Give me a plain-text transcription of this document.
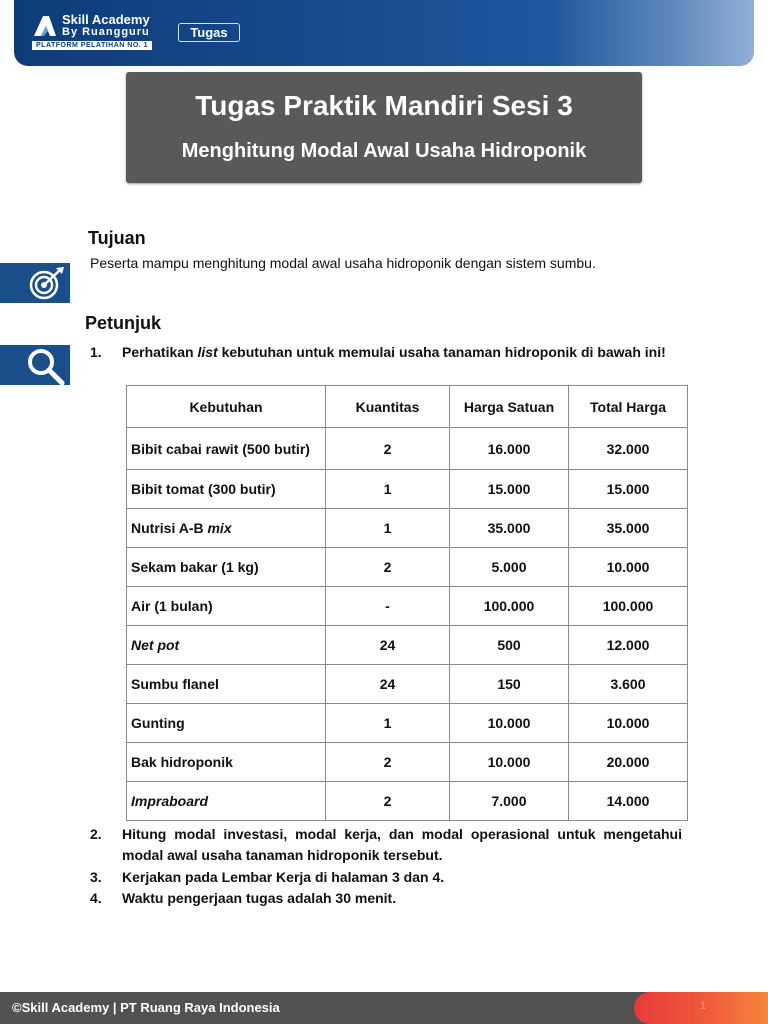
Skill Academy
By Ruangguru
PLATFORM PELATIHAN NO. 1
Tugas
Tugas Praktik Mandiri Sesi 3
Menghitung Modal Awal Usaha Hidroponik
Tujuan
Peserta mampu menghitung modal awal usaha hidroponik dengan sistem sumbu.
Petunjuk
1. Perhatikan list kebutuhan untuk memulai usaha tanaman hidroponik di bawah ini!
Kebutuhan	Kuantitas	Harga Satuan	Total Harga
Bibit cabai rawit (500 butir)	2	16.000	32.000
Bibit tomat (300 butir)	1	15.000	15.000
Nutrisi A-B mix	1	35.000	35.000
Sekam bakar (1 kg)	2	5.000	10.000
Air (1 bulan)	-	100.000	100.000
Net pot	24	500	12.000
Sumbu flanel	24	150	3.600
Gunting	1	10.000	10.000
Bak hidroponik	2	10.000	20.000
Impraboard	2	7.000	14.000
2. Hitung modal investasi, modal kerja, dan modal operasional untuk mengetahui modal awal usaha tanaman hidroponik tersebut.
3. Kerjakan pada Lembar Kerja di halaman 3 dan 4.
4. Waktu pengerjaan tugas adalah 30 menit.
©Skill Academy | PT Ruang Raya Indonesia	1
